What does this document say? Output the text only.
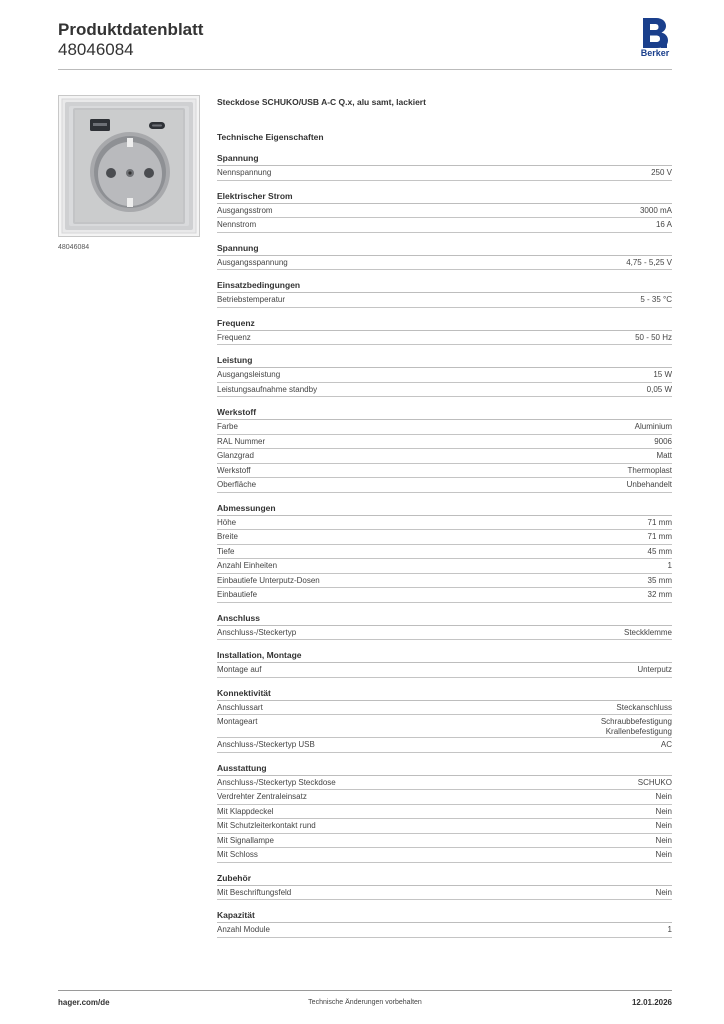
Produktdatenblatt
48046084	Berker
48046084
Steckdose SCHUKO/USB A-C Q.x, alu samt, lackiert
Technische Eigenschaften
Spannung
Nennspannung	250 V
Elektrischer Strom
Ausgangsstrom	3000 mA
Nennstrom	16 A
Spannung
Ausgangsspannung	4,75 - 5,25 V
Einsatzbedingungen
Betriebstemperatur	5 - 35 °C
Frequenz
Frequenz	50 - 50 Hz
Leistung
Ausgangsleistung	15 W
Leistungsaufnahme standby	0,05 W
Werkstoff
Farbe	Aluminium
RAL Nummer	9006
Glanzgrad	Matt
Werkstoff	Thermoplast
Oberfläche	Unbehandelt
Abmessungen
Höhe	71 mm
Breite	71 mm
Tiefe	45 mm
Anzahl Einheiten	1
Einbautiefe Unterputz-Dosen	35 mm
Einbautiefe	32 mm
Anschluss
Anschluss-/Steckertyp	Steckklemme
Installation, Montage
Montage auf	Unterputz
Konnektivität
Anschlussart	Steckanschluss
Montageart	Schraubbefestigung
Krallenbefestigung
Anschluss-/Steckertyp USB	AC
Ausstattung
Anschluss-/Steckertyp Steckdose	SCHUKO
Verdrehter Zentraleinsatz	Nein
Mit Klappdeckel	Nein
Mit Schutzleiterkontakt rund	Nein
Mit Signallampe	Nein
Mit Schloss	Nein
Zubehör
Mit Beschriftungsfeld	Nein
Kapazität
Anzahl Module	1
hager.com/de	Technische Änderungen vorbehalten	12.01.2026
